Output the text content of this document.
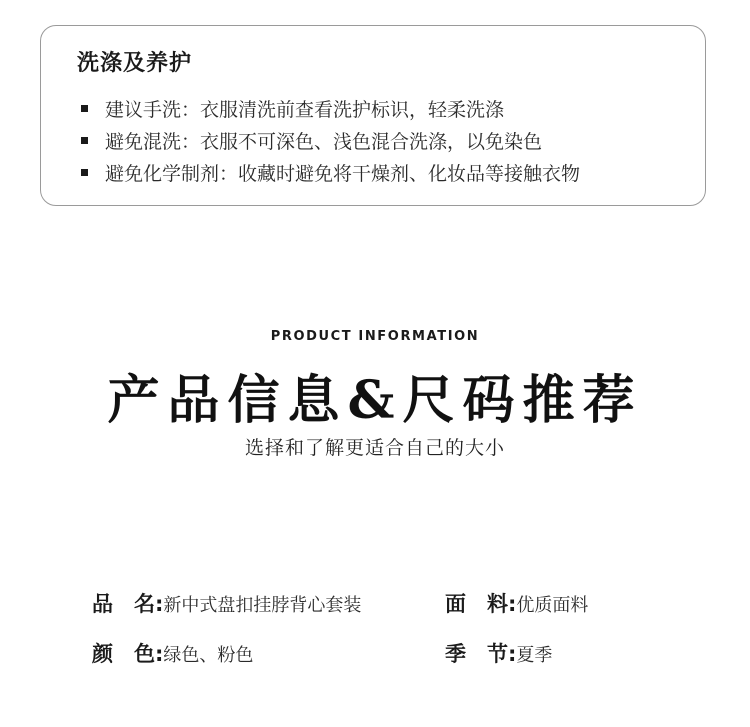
洗涤及养护
建议手洗：衣服清洗前查看洗护标识，轻柔洗涤
避免混洗：衣服不可深色、浅色混合洗涤，以免染色
避免化学制剂：收藏时避免将干燥剂、化妆品等接触衣物
PRODUCT INFORMATION
产品信息&尺码推荐
选择和了解更适合自己的大小
品　名: 新中式盘扣挂脖背心套装	面　料: 优质面料
颜　色: 绿色、粉色	季　节: 夏季
